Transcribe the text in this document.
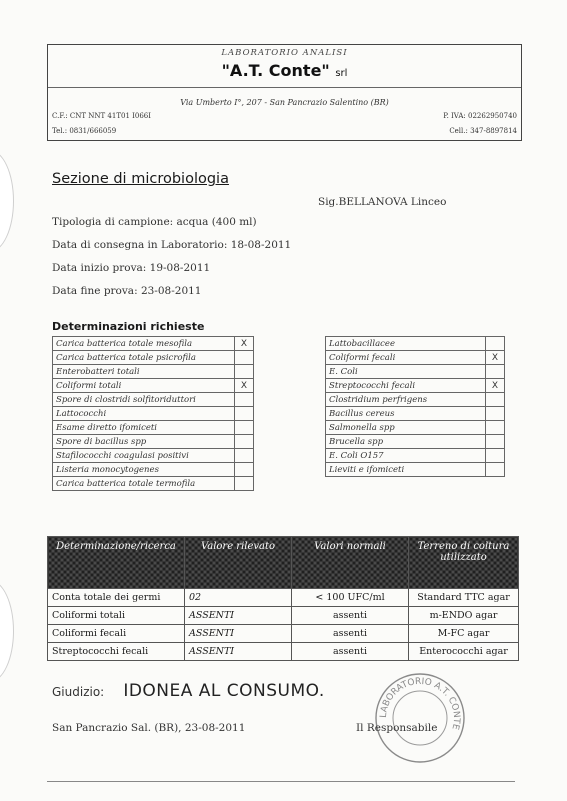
LABORATORIO ANALISI
"A.T. Conte" srl
Via Umberto I°, 207 - San Pancrazio Salentino (BR)
C.F.: CNT NNT 41T01 I066I
Tel.: 0831/666059
P. IVA: 02262950740
Cell.: 347-8897814
Sezione di microbiologia
Sig.BELLANOVA Linceo
Tipologia di campione: acqua (400 ml)
Data di consegna in Laboratorio: 18-08-2011
Data inizio prova: 19-08-2011
Data fine prova: 23-08-2011
Determinazioni richieste
Carica batterica totale mesofila	X
Carica batterica totale psicrofila	
Enterobatteri totali	
Coliformi totali	X
Spore di clostridi solfitoriduttori	
Lattococchi	
Esame diretto ifomiceti	
Spore di bacillus spp	
Stafilococchi coagulasi positivi	
Listeria monocytogenes	
Carica batterica totale termofila	
Lattobacillacee	
Coliformi fecali	X
E. Coli	
Streptococchi fecali	X
Clostridium perfrigens	
Bacillus cereus	
Salmonella spp	
Brucella spp	
E. Coli O157	
Lieviti e ifomiceti	
Determinazione/ricerca	Valore rilevato	Valori normali	Terreno di coltura utilizzato
Conta totale dei germi	02	< 100 UFC/ml	Standard TTC agar
Coliformi totali	ASSENTI	assenti	m-ENDO agar
Coliformi fecali	ASSENTI	assenti	M-FC agar
Streptococchi fecali	ASSENTI	assenti	Enterococchi agar
Giudizio: IDONEA AL CONSUMO.
San Pancrazio Sal. (BR), 23-08-2011
LABORATORIO A.T. CONTE
Il Responsabile
